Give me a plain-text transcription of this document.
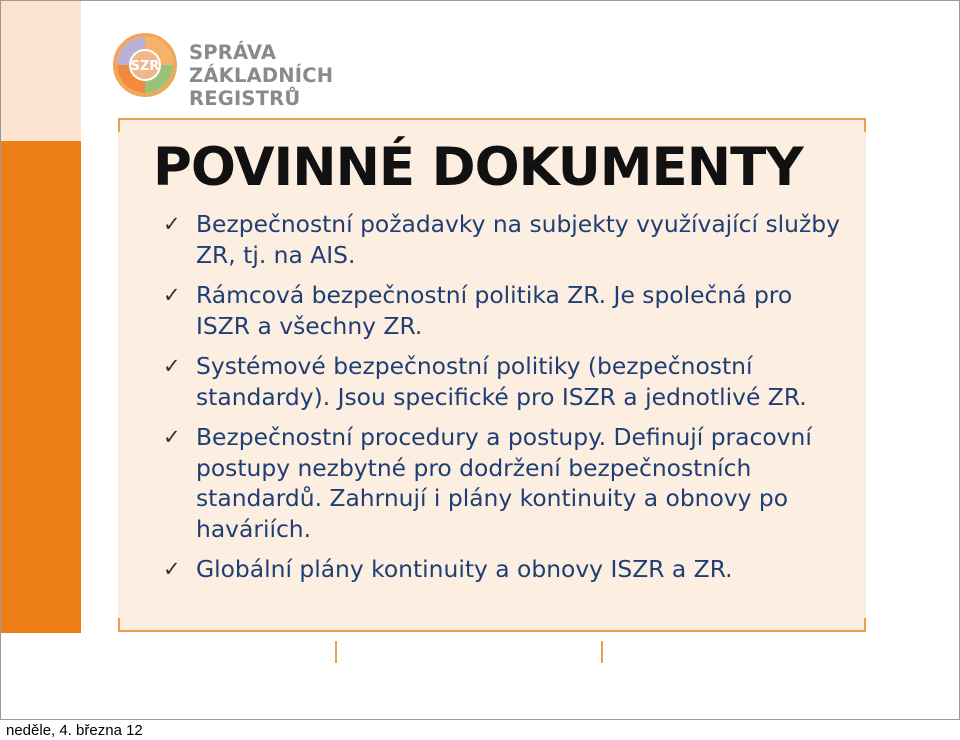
SZR
SPRÁVA ZÁKLADNÍCH
REGISTRŮ
POVINNÉ DOKUMENTY
✓ Bezpečnostní požadavky na subjekty využívající služby ZR, tj. na AIS.
✓ Rámcová bezpečnostní politika ZR. Je společná pro ISZR a všechny ZR.
✓ Systémové bezpečnostní politiky (bezpečnostní standardy). Jsou specifické pro ISZR a jednotlivé ZR.
✓ Bezpečnostní procedury a postupy. Definují pracovní postupy nezbytné pro dodržení bezpečnostních standardů. Zahrnují i plány kontinuity a obnovy po haváriích.
✓ Globální plány kontinuity a obnovy ISZR a ZR.
neděle, 4. března 12
